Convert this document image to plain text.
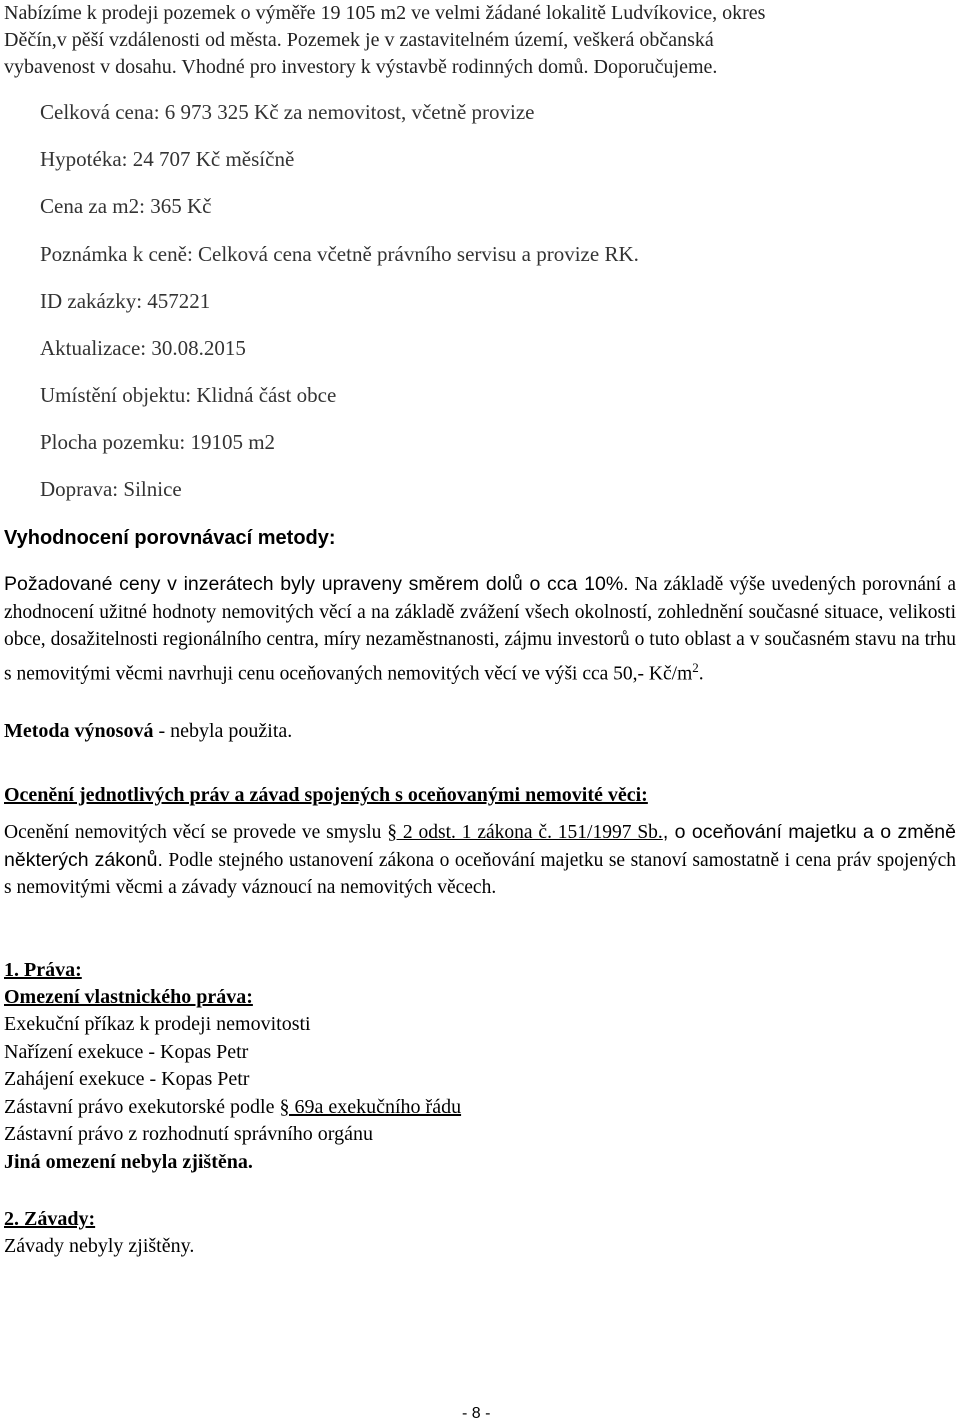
Nabízíme k prodeji pozemek o výměře 19 105 m2 ve velmi žádané lokalitě Ludvíkovice, okres
Děčín,v pěší vzdálenosti od města. Pozemek je v zastavitelném území, veškerá občanská
vybavenost v dosahu. Vhodné pro investory k výstavbě rodinných domů. Doporučujeme.
Celková cena: 6 973 325 Kč za nemovitost, včetně provize
Hypotéka: 24 707 Kč měsíčně
Cena za m2: 365 Kč
Poznámka k ceně: Celková cena včetně právního servisu a provize RK.
ID zakázky: 457221
Aktualizace: 30.08.2015
Umístění objektu: Klidná část obce
Plocha pozemku: 19105 m2
Doprava: Silnice
Vyhodnocení porovnávací metody:
Požadované ceny v inzerátech byly upraveny směrem dolů o cca 10%. Na základě výše uvedených porovnání a zhodnocení užitné hodnoty nemovitých věcí a na základě zvážení všech okolností, zohlednění současné situace, velikosti obce, dosažitelnosti regionálního centra, míry nezaměstnanosti, zájmu investorů o tuto oblast a v současném stavu na trhu s nemovitými věcmi navrhuji cenu oceňovaných nemovitých věcí ve výši cca 50,- $Kč/m^2$.
Metoda výnosová - nebyla použita.
Ocenění jednotlivých práv a závad spojených s oceňovanými nemovité věci:
Ocenění nemovitých věcí se provede ve smyslu § 2 odst. 1 zákona č. 151/1997 Sb., o oceňování majetku a o změně některých zákonů. Podle stejného ustanovení zákona o oceňování majetku se stanoví samostatně i cena práv spojených s nemovitými věcmi a závady váznoucí na nemovitých věcech.
1. Práva:
Omezení vlastnického práva:
Exekuční příkaz k prodeji nemovitosti
Nařízení exekuce - Kopas Petr
Zahájení exekuce - Kopas Petr
Zástavní právo exekutorské podle § 69a exekučního řádu
Zástavní právo z rozhodnutí správního orgánu
Jiná omezení nebyla zjištěna.
2. Závady:
Závady nebyly zjištěny.
- 8 -
